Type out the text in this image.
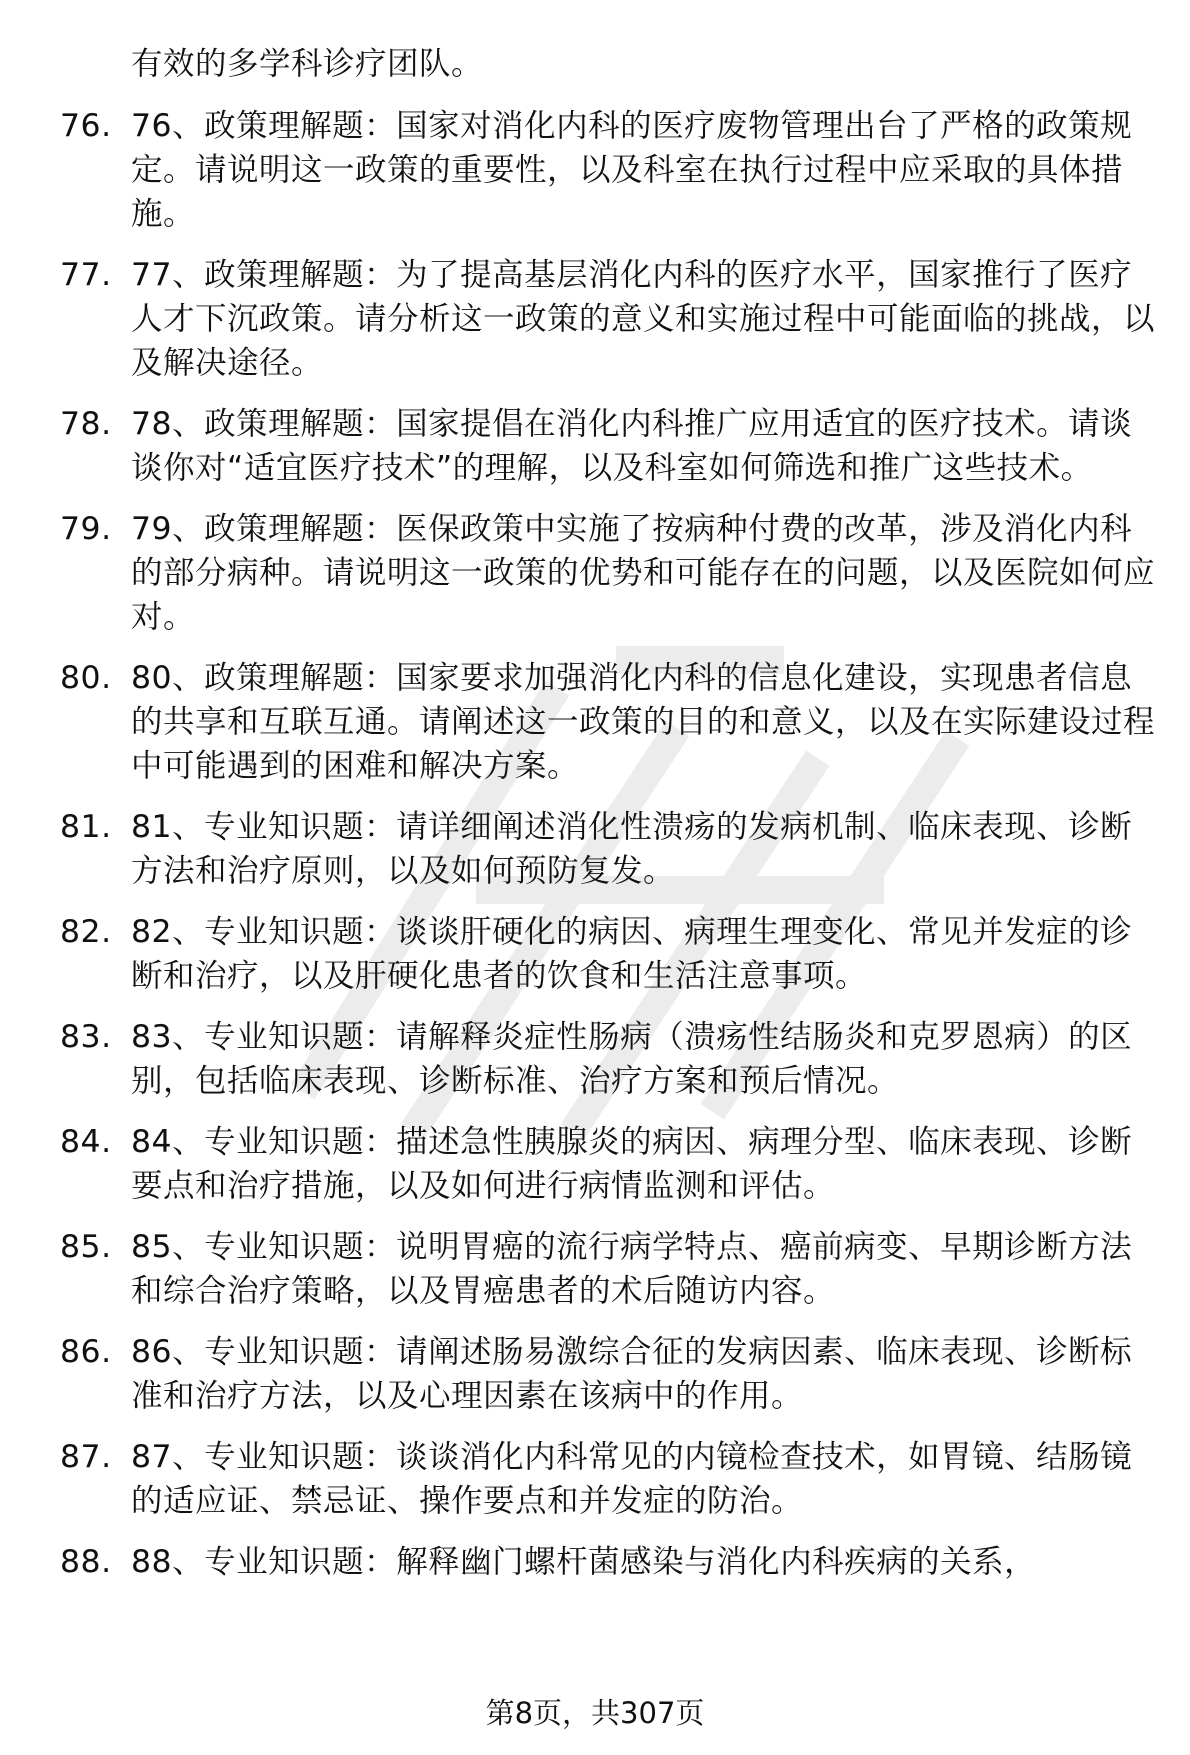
有效的多学科诊疗团队。

76. 76、政策理解题：国家对消化内科的医疗废物管理出台了严格的政策规定。请说明这一政策的重要性，以及科室在执行过程中应采取的具体措施。
77. 77、政策理解题：为了提高基层消化内科的医疗水平，国家推行了医疗人才下沉政策。请分析这一政策的意义和实施过程中可能面临的挑战，以及解决途径。
78. 78、政策理解题：国家提倡在消化内科推广应用适宜的医疗技术。请谈谈你对“适宜医疗技术”的理解，以及科室如何筛选和推广这些技术。
79. 79、政策理解题：医保政策中实施了按病种付费的改革，涉及消化内科的部分病种。请说明这一政策的优势和可能存在的问题，以及医院如何应对。
80. 80、政策理解题：国家要求加强消化内科的信息化建设，实现患者信息的共享和互联互通。请阐述这一政策的目的和意义，以及在实际建设过程中可能遇到的困难和解决方案。
81. 81、专业知识题：请详细阐述消化性溃疡的发病机制、临床表现、诊断方法和治疗原则，以及如何预防复发。
82. 82、专业知识题：谈谈肝硬化的病因、病理生理变化、常见并发症的诊断和治疗，以及肝硬化患者的饮食和生活注意事项。
83. 83、专业知识题：请解释炎症性肠病（溃疡性结肠炎和克罗恩病）的区别，包括临床表现、诊断标准、治疗方案和预后情况。
84. 84、专业知识题：描述急性胰腺炎的病因、病理分型、临床表现、诊断要点和治疗措施，以及如何进行病情监测和评估。
85. 85、专业知识题：说明胃癌的流行病学特点、癌前病变、早期诊断方法和综合治疗策略，以及胃癌患者的术后随访内容。
86. 86、专业知识题：请阐述肠易激综合征的发病因素、临床表现、诊断标准和治疗方法，以及心理因素在该病中的作用。
87. 87、专业知识题：谈谈消化内科常见的内镜检查技术，如胃镜、结肠镜的适应证、禁忌证、操作要点和并发症的防治。
88. 88、专业知识题：解释幽门螺杆菌感染与消化内科疾病的关系，
第8页，共307页
